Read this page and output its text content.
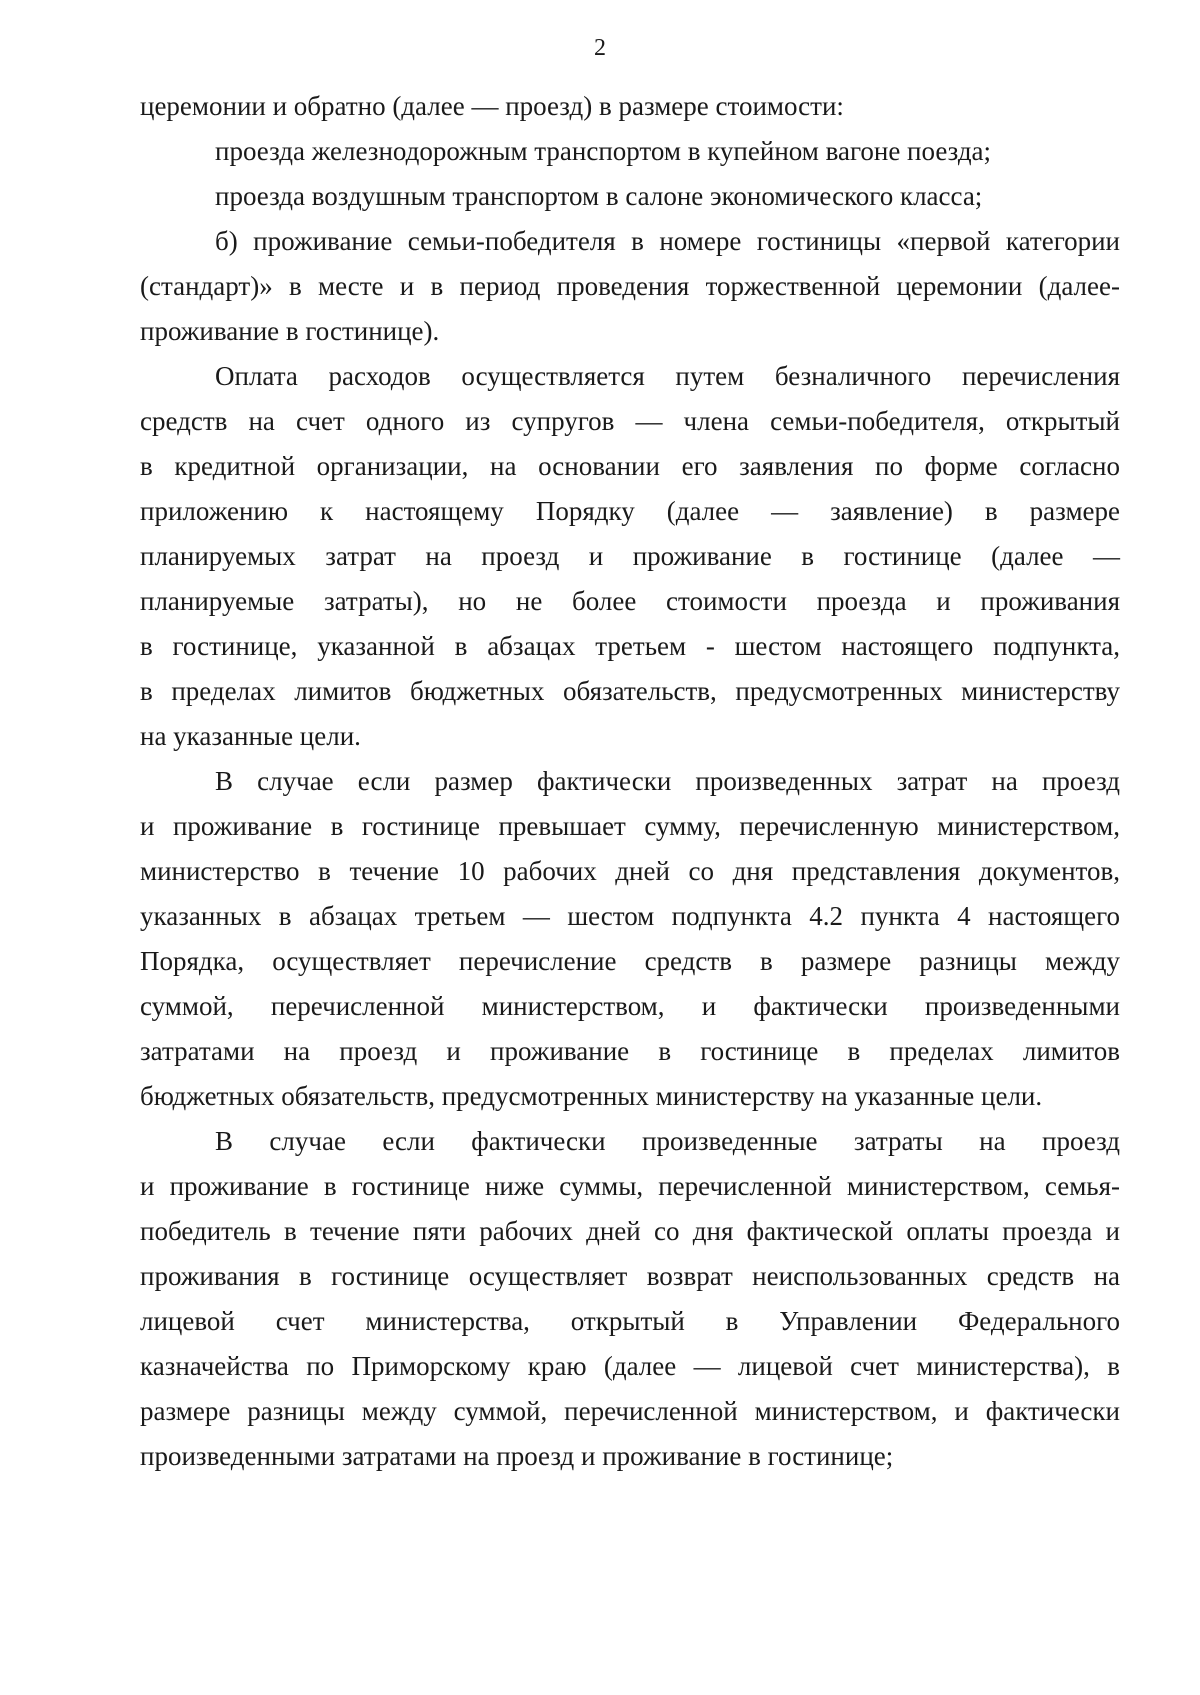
2
церемонии и обратно (далее — проезд) в размере стоимости:
проезда железнодорожным транспортом в купейном вагоне поезда;
проезда воздушным транспортом в салоне экономического класса;
б) проживание семьи-победителя в номере гостиницы «первой категории
(стандарт)» в месте и в период проведения торжественной церемонии (далее-
проживание в гостинице).
Оплата расходов осуществляется путем безналичного перечисления
средств на счет одного из супругов — члена семьи-победителя, открытый
в кредитной организации, на основании его заявления по форме согласно
приложению к настоящему Порядку (далее — заявление) в размере
планируемых затрат на проезд и проживание в гостинице (далее —
планируемые затраты), но не более стоимости проезда и проживания
в гостинице, указанной в абзацах третьем - шестом настоящего подпункта,
в пределах лимитов бюджетных обязательств, предусмотренных министерству
на указанные цели.
В случае если размер фактически произведенных затрат на проезд
и проживание в гостинице превышает сумму, перечисленную министерством,
министерство в течение 10 рабочих дней со дня представления документов,
указанных в абзацах третьем — шестом подпункта 4.2 пункта 4 настоящего
Порядка, осуществляет перечисление средств в размере разницы между
суммой, перечисленной министерством, и фактически произведенными
затратами на проезд и проживание в гостинице в пределах лимитов
бюджетных обязательств, предусмотренных министерству на указанные цели.
В случае если фактически произведенные затраты на проезд
и проживание в гостинице ниже суммы, перечисленной министерством, семья-
победитель в течение пяти рабочих дней со дня фактической оплаты проезда и
проживания в гостинице осуществляет возврат неиспользованных средств на
лицевой счет министерства, открытый в Управлении Федерального
казначейства по Приморскому краю (далее — лицевой счет министерства), в
размере разницы между суммой, перечисленной министерством, и фактически
произведенными затратами на проезд и проживание в гостинице;
